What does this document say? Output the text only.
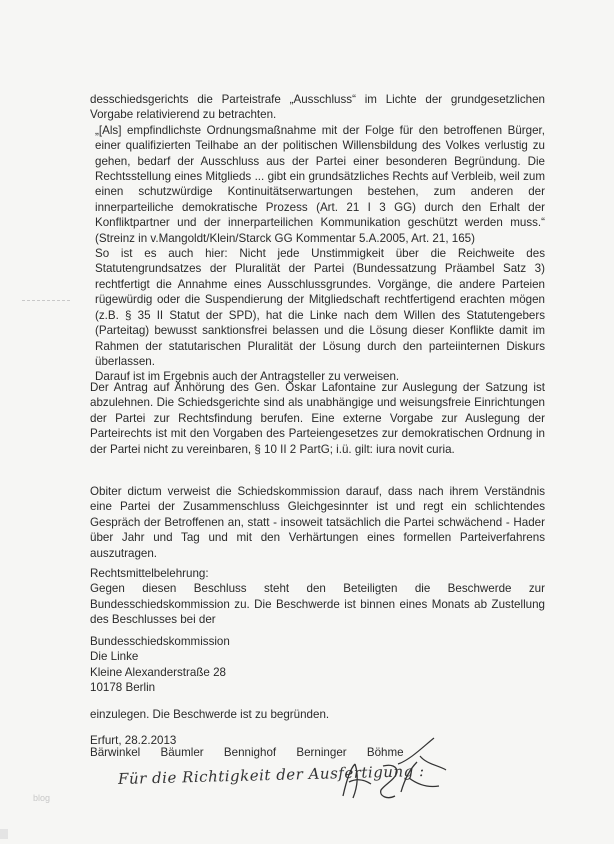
desschiedsgerichts die Parteistrafe „Ausschluss“ im Lichte der grundgesetzlichen Vorgabe relativierend zu betrachten.

„[Als] empfindlichste Ordnungsmaßnahme mit der Folge für den betroffenen Bürger, einer qualifizierten Teilhabe an der politischen Willensbildung des Volkes verlustig zu gehen, bedarf der Ausschluss aus der Partei einer besonderen Begründung. Die Rechtsstellung eines Mitglieds ... gibt ein grundsätzliches Rechts auf Verbleib, weil zum einen schutzwürdige Kontinuitätserwartungen bestehen, zum anderen der innerparteiliche demokratische Prozess (Art. 21 I 3 GG) durch den Erhalt der Konfliktpartner und der innerparteilichen Kommunikation geschützt werden muss.“ (Streinz in v.Mangoldt/Klein/Starck GG Kommentar 5.A.2005, Art. 21, 165)

So ist es auch hier: Nicht jede Unstimmigkeit über die Reichweite des Statutengrundsatzes der Pluralität der Partei (Bundessatzung Präambel Satz 3) rechtfertigt die Annahme eines Ausschlussgrundes. Vorgänge, die andere Parteien rügewürdig oder die Suspendierung der Mitgliedschaft rechtfertigend erachten mögen (z.B. § 35 II Statut der SPD), hat die Linke nach dem Willen des Statutengebers (Parteitag) bewusst sanktionsfrei belassen und die Lösung dieser Konflikte damit im Rahmen der statutarischen Pluralität der Lösung durch den parteiinternen Diskurs überlassen.

Darauf ist im Ergebnis auch der Antragsteller zu verweisen.

Der Antrag auf Anhörung des Gen. Oskar Lafontaine zur Auslegung der Satzung ist abzulehnen. Die Schiedsgerichte sind als unabhängige und weisungsfreie Einrichtungen der Partei zur Rechtsfindung berufen. Eine externe Vorgabe zur Auslegung der Parteirechts ist mit den Vorgaben des Parteiengesetzes zur demokratischen Ordnung in der Partei nicht zu vereinbaren, § 10 II 2 PartG; i.ü. gilt: iura novit curia.

Obiter dictum verweist die Schiedskommission darauf, dass nach ihrem Verständnis eine Partei der Zusammenschluss Gleichgesinnter ist und regt ein schlichtendes Gespräch der Betroffenen an, statt - insoweit tatsächlich die Partei schwächend - Hader über Jahr und Tag und mit den Verhärtungen eines formellen Parteiverfahrens auszutragen.

Rechtsmittelbelehrung:

Gegen diesen Beschluss steht den Beteiligten die Beschwerde zur Bundesschiedskommission zu. Die Beschwerde ist binnen eines Monats ab Zustellung des Beschlusses bei der

Bundesschiedskommission

Die Linke

Kleine Alexanderstraße 28

10178 Berlin

einzulegen. Die Beschwerde ist zu begründen.

Erfurt, 28.2.2013

Bärwinkel Bäumler Bennighof Berninger Böhme
Für die Richtigkeit der Ausfertigung :
blog
